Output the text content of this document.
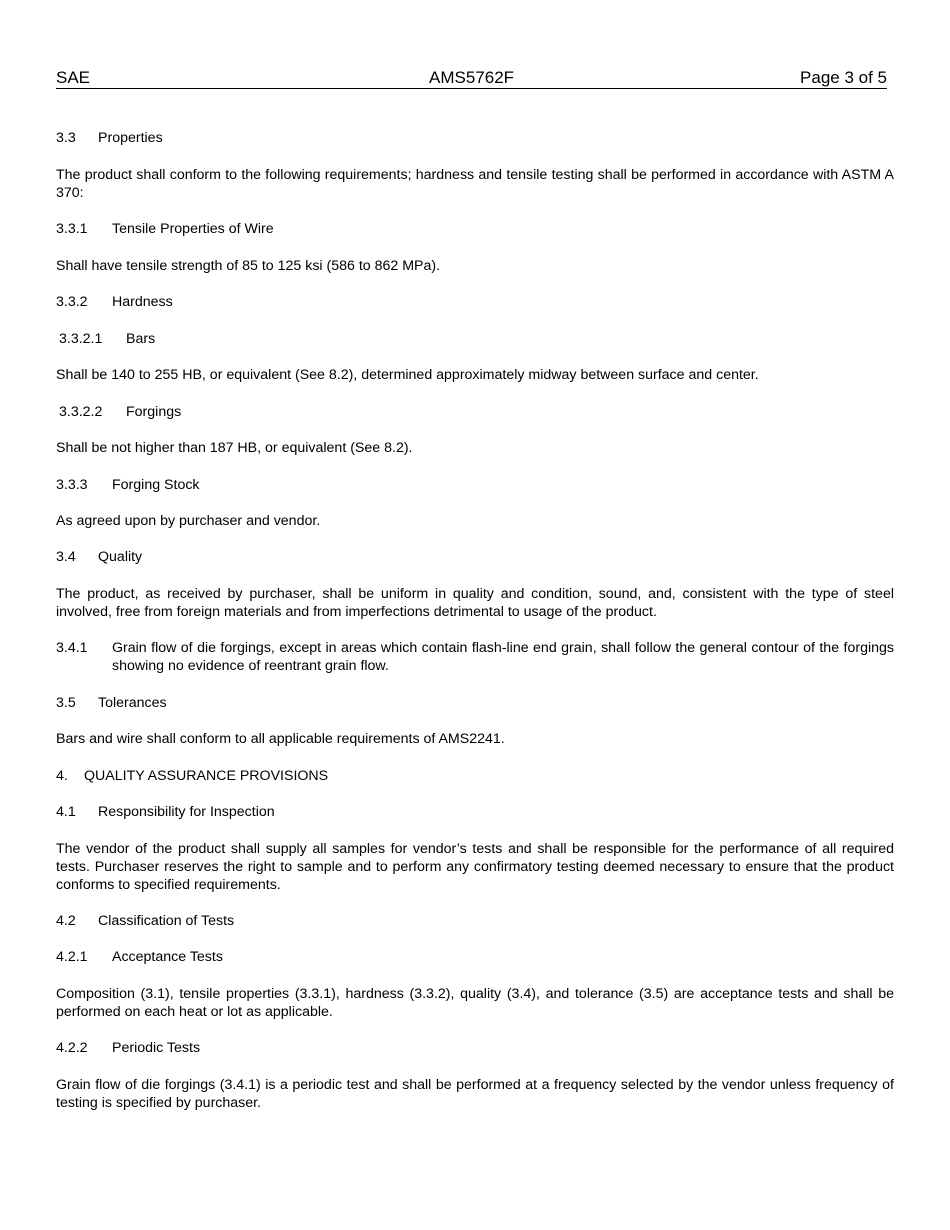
SAE	AMS5762F	Page 3 of 5
3.3 Properties
The product shall conform to the following requirements; hardness and tensile testing shall be performed in accordance with ASTM A 370:
3.3.1 Tensile Properties of Wire
Shall have tensile strength of 85 to 125 ksi (586 to 862 MPa).
3.3.2 Hardness
3.3.2.1 Bars
Shall be 140 to 255 HB, or equivalent (See 8.2), determined approximately midway between surface and center.
3.3.2.2 Forgings
Shall be not higher than 187 HB, or equivalent (See 8.2).
3.3.3 Forging Stock
As agreed upon by purchaser and vendor.
3.4 Quality
The product, as received by purchaser, shall be uniform in quality and condition, sound, and, consistent with the type of steel involved, free from foreign materials and from imperfections detrimental to usage of the product.
3.4.1 Grain flow of die forgings, except in areas which contain flash-line end grain, shall follow the general contour of the forgings showing no evidence of reentrant grain flow.
3.5 Tolerances
Bars and wire shall conform to all applicable requirements of AMS2241.
4. QUALITY ASSURANCE PROVISIONS
4.1 Responsibility for Inspection
The vendor of the product shall supply all samples for vendor’s tests and shall be responsible for the performance of all required tests. Purchaser reserves the right to sample and to perform any confirmatory testing deemed necessary to ensure that the product conforms to specified requirements.
4.2 Classification of Tests
4.2.1 Acceptance Tests
Composition (3.1), tensile properties (3.3.1), hardness (3.3.2), quality (3.4), and tolerance (3.5) are acceptance tests and shall be performed on each heat or lot as applicable.
4.2.2 Periodic Tests
Grain flow of die forgings (3.4.1) is a periodic test and shall be performed at a frequency selected by the vendor unless frequency of testing is specified by purchaser.
